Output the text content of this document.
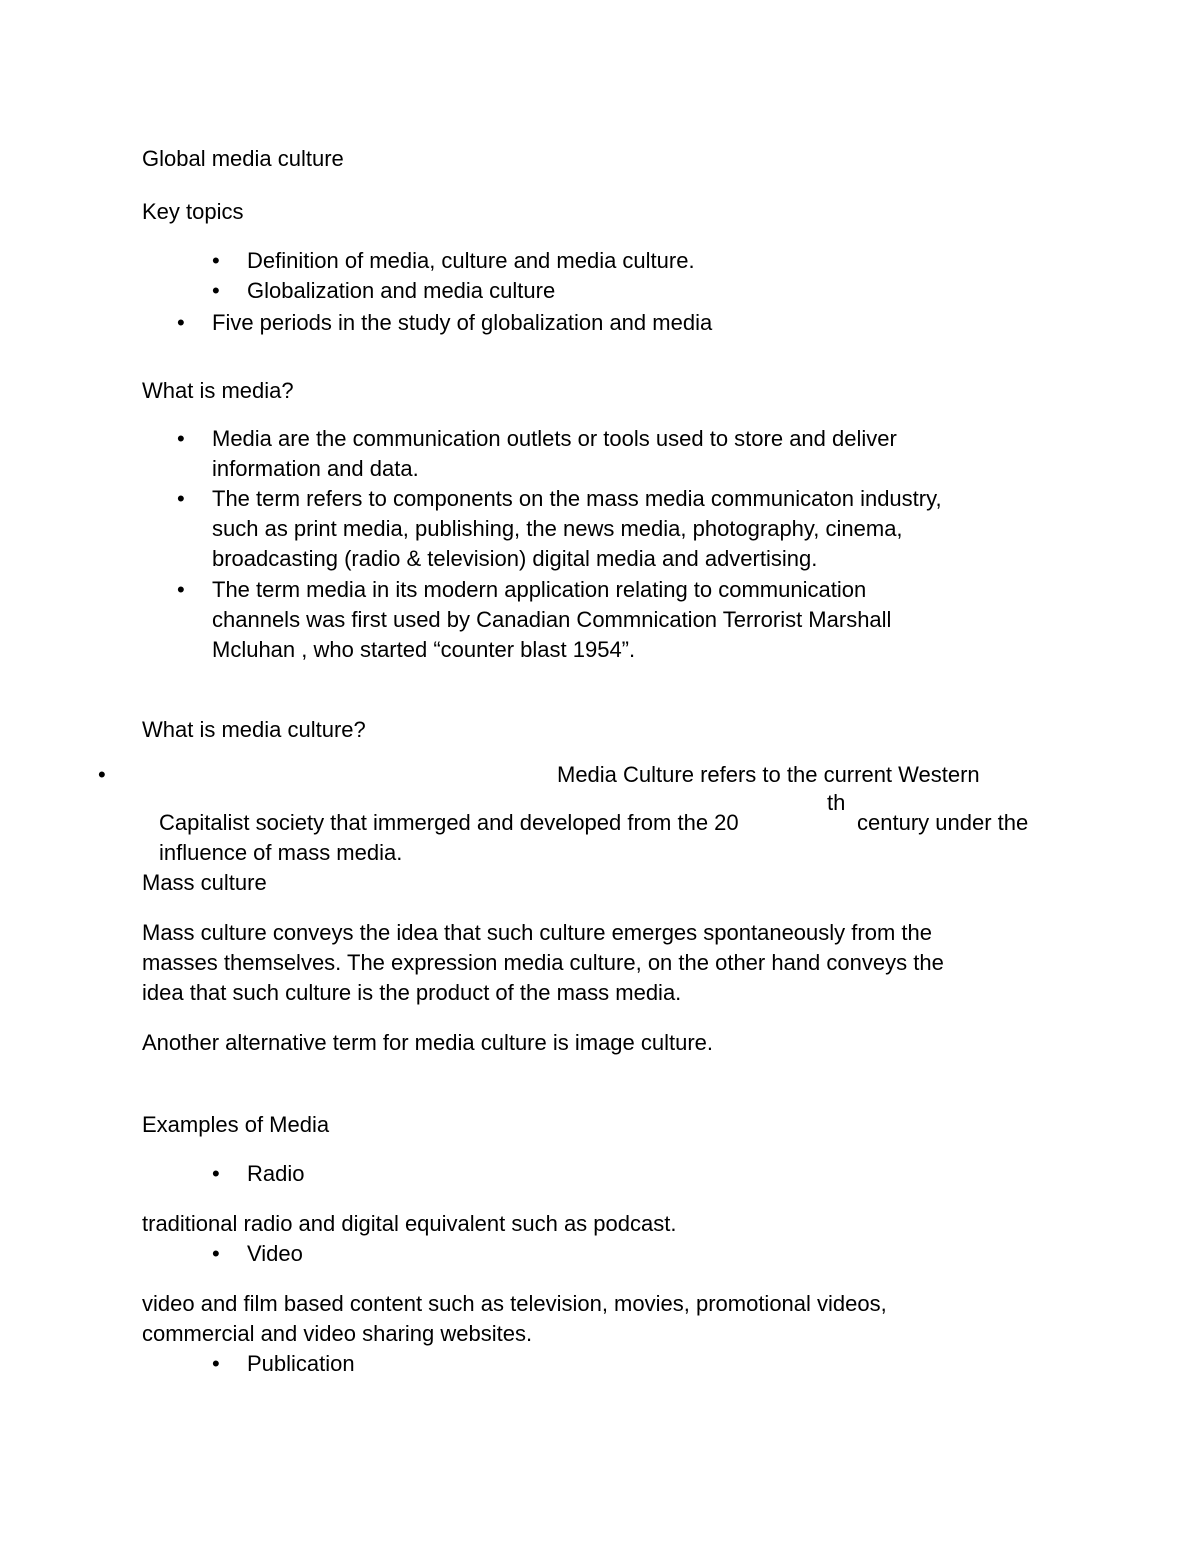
Global media culture

Key topics

• Definition of media, culture and media culture.

• Globalization and media culture

• Five periods in the study of globalization and media

What is media?

• Media are the communication outlets or tools used to store and deliver

information and data.

• The term refers to components on the mass media communicaton industry,

such as print media, publishing, the news media, photography, cinema,

broadcasting (radio & television) digital media and advertising.

• The term media in its modern application relating to communication

channels was first used by Canadian Commnication Terrorist Marshall

Mcluhan , who started “counter blast 1954”.

What is media culture?

•	Media Culture refers to the current Western

Capitalist society that immerged and developed from the 20

th

century under the

influence of mass media.

Mass culture

Mass culture conveys the idea that such culture emerges spontaneously from the

masses themselves. The expression media culture, on the other hand conveys the

idea that such culture is the product of the mass media.

Another alternative term for media culture is image culture.

Examples of Media

• Radio

traditional radio and digital equivalent such as podcast.

• Video

video and film based content such as television, movies, promotional videos,

commercial and video sharing websites.

• Publication
